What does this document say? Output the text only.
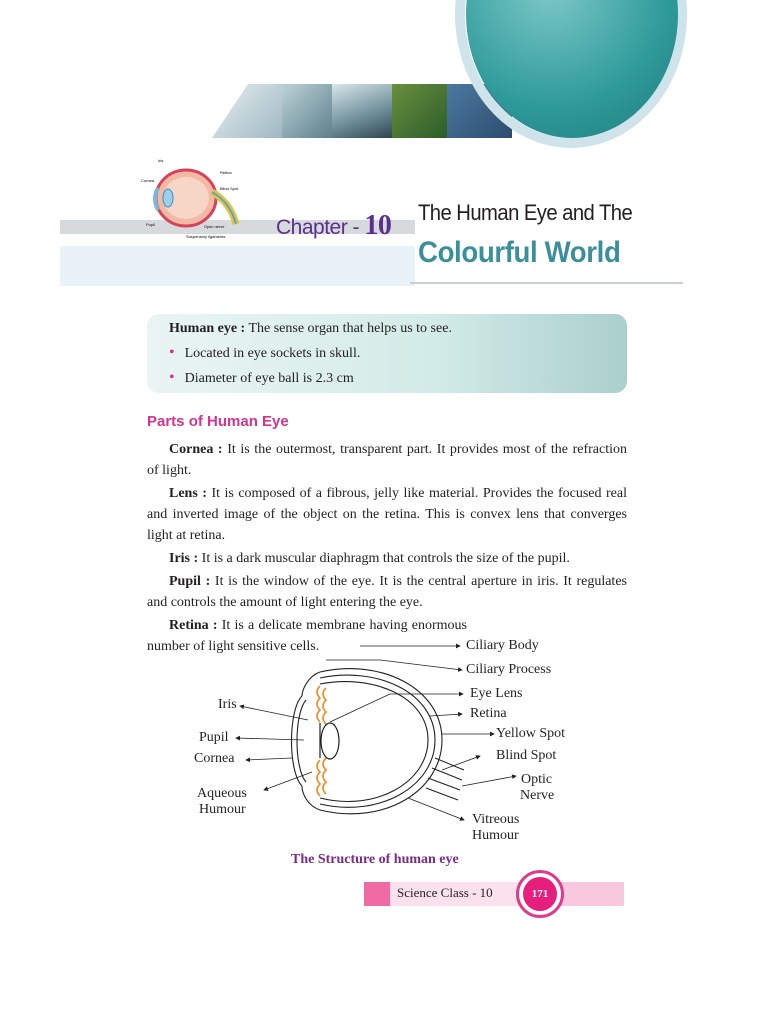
Iris
Cornea
Retina
Blind Spot
Pupil	Optic nerve
Suspensory ligaments Chapter - 10 The Human Eye and The
Colourful World
Human eye : The sense organ that helps us to see.
• Located in eye sockets in skull.
• Diameter of eye ball is 2.3 cm
Parts of Human Eye

Cornea : It is the outermost, transparent part. It provides most of the refraction of light.

Lens : It is composed of a fibrous, jelly like material. Provides the focused real and inverted image of the object on the retina. This is convex lens that converges light at retina.

Iris : It is a dark muscular diaphragm that controls the size of the pupil.

Pupil : It is the window of the eye. It is the central aperture in iris. It regulates and controls the amount of light entering the eye.

Retina : It is a delicate membrane having enormous number of light sensitive cells.	Ciliary Body
Ciliary Process
Eye Lens
Retina
Yellow Spot
Blind Spot
Optic
Nerve
Vitreous
Humour
Iris
Pupil
Cornea
Aqueous
Humour
The Structure of human eye
Science Class - 10	171
